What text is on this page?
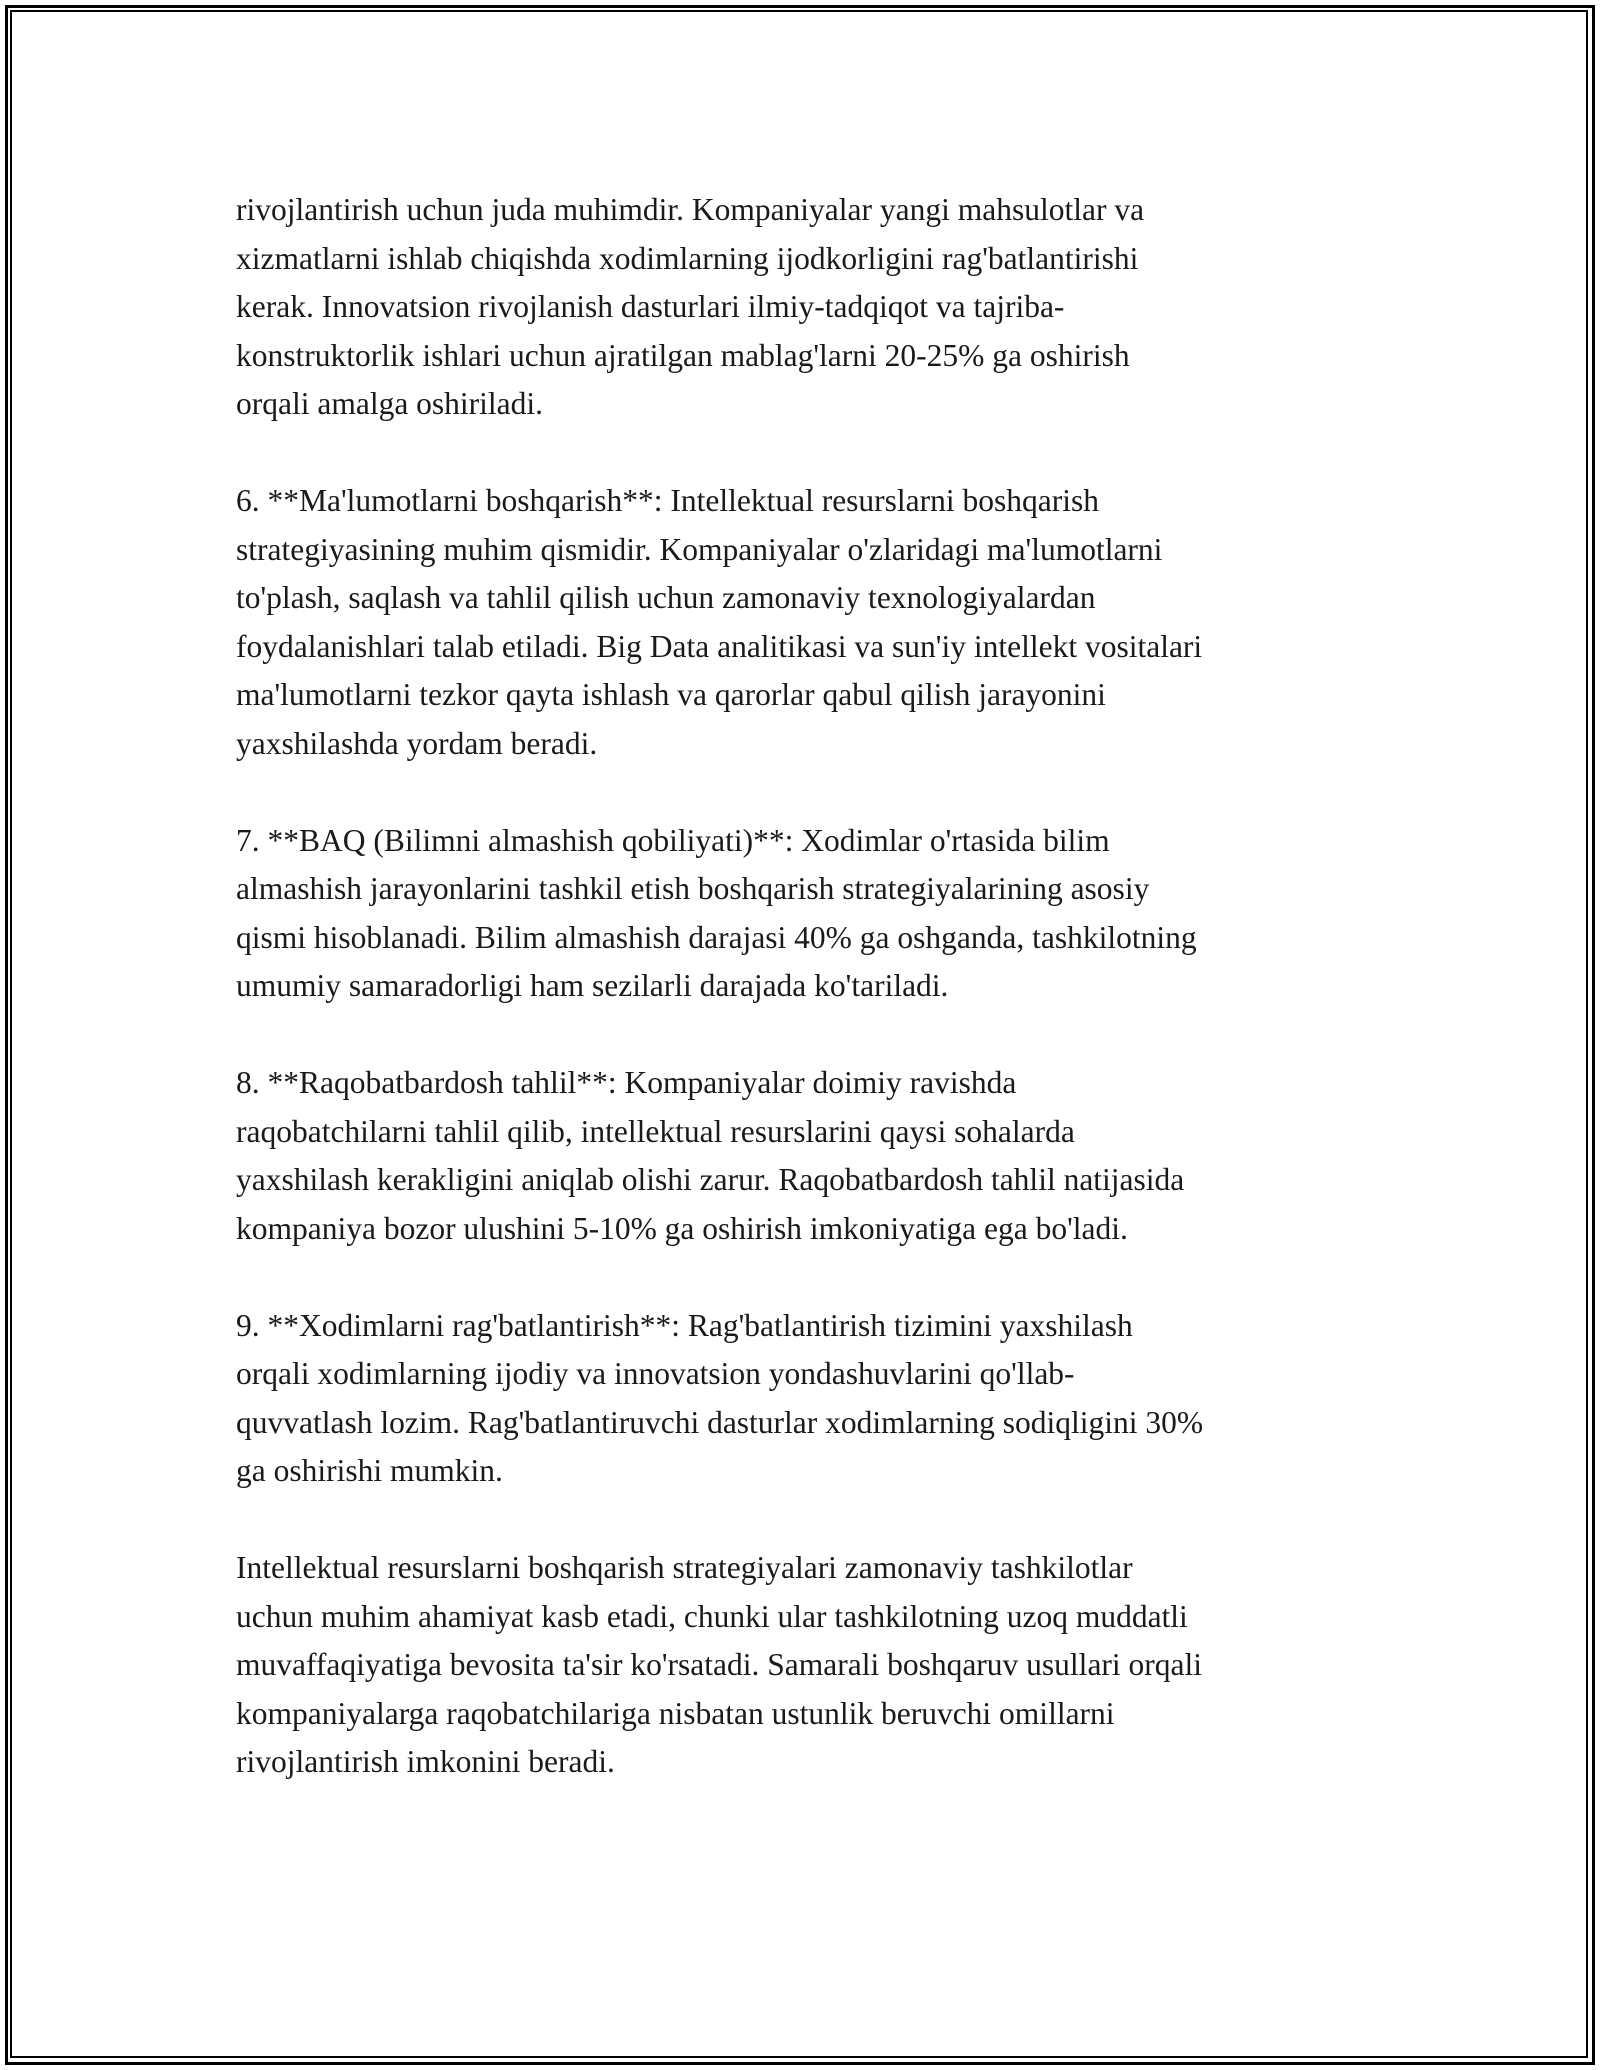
rivojlantirish uchun juda muhimdir. Kompaniyalar yangi mahsulotlar va
xizmatlarni ishlab chiqishda xodimlarning ijodkorligini rag'batlantirishi
kerak. Innovatsion rivojlanish dasturlari ilmiy-tadqiqot va tajriba-
konstruktorlik ishlari uchun ajratilgan mablag'larni 20-25% ga oshirish
orqali amalga oshiriladi.

6. **Ma'lumotlarni boshqarish**: Intellektual resurslarni boshqarish
strategiyasining muhim qismidir. Kompaniyalar o'zlaridagi ma'lumotlarni
to'plash, saqlash va tahlil qilish uchun zamonaviy texnologiyalardan
foydalanishlari talab etiladi. Big Data analitikasi va sun'iy intellekt vositalari
ma'lumotlarni tezkor qayta ishlash va qarorlar qabul qilish jarayonini
yaxshilashda yordam beradi.

7. **BAQ (Bilimni almashish qobiliyati)**: Xodimlar o'rtasida bilim
almashish jarayonlarini tashkil etish boshqarish strategiyalarining asosiy
qismi hisoblanadi. Bilim almashish darajasi 40% ga oshganda, tashkilotning
umumiy samaradorligi ham sezilarli darajada ko'tariladi.

8. **Raqobatbardosh tahlil**: Kompaniyalar doimiy ravishda
raqobatchilarni tahlil qilib, intellektual resurslarini qaysi sohalarda
yaxshilash kerakligini aniqlab olishi zarur. Raqobatbardosh tahlil natijasida
kompaniya bozor ulushini 5-10% ga oshirish imkoniyatiga ega bo'ladi.

9. **Xodimlarni rag'batlantirish**: Rag'batlantirish tizimini yaxshilash
orqali xodimlarning ijodiy va innovatsion yondashuvlarini qo'llab-
quvvatlash lozim. Rag'batlantiruvchi dasturlar xodimlarning sodiqligini 30%
ga oshirishi mumkin.

Intellektual resurslarni boshqarish strategiyalari zamonaviy tashkilotlar
uchun muhim ahamiyat kasb etadi, chunki ular tashkilotning uzoq muddatli
muvaffaqiyatiga bevosita ta'sir ko'rsatadi. Samarali boshqaruv usullari orqali
kompaniyalarga raqobatchilariga nisbatan ustunlik beruvchi omillarni
rivojlantirish imkonini beradi.
